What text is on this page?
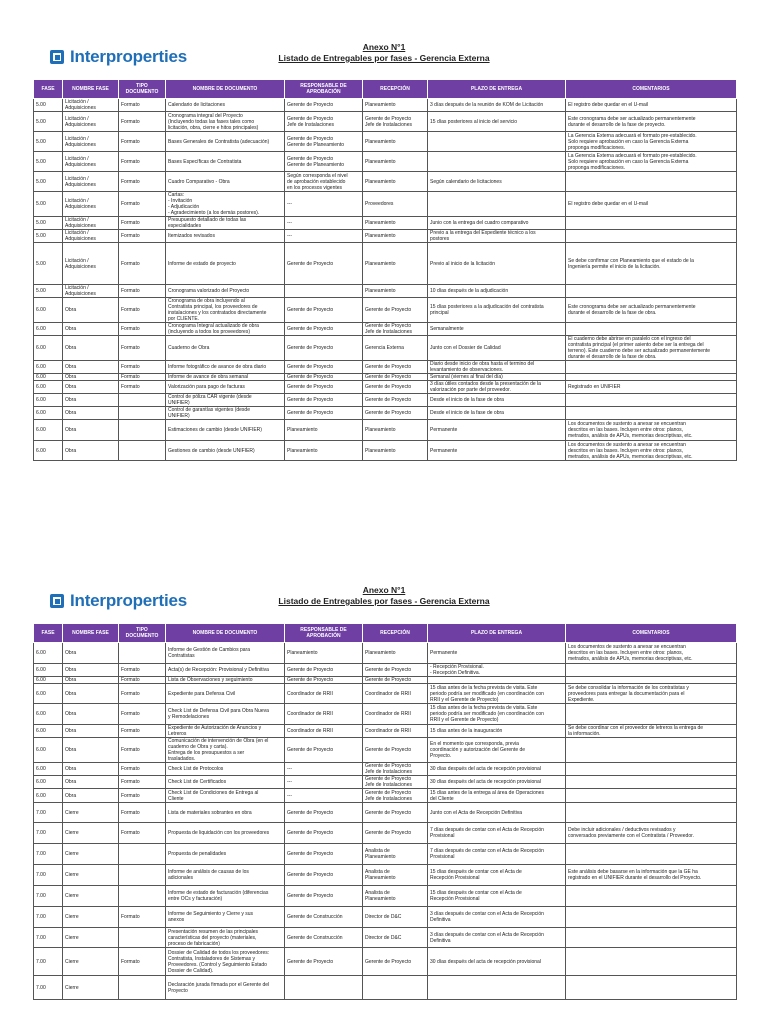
Interproperties	Anexo N°1
Listado de Entregables por fases - Gerencia Externa
FASE	NOMBRE FASE	TIPO DOCUMENTO	NOMBRE DE DOCUMENTO	RESPONSABLE DE APROBACIÓN	RECEPCIÓN	PLAZO DE ENTREGA	COMENTARIOS

5.00	Licitación /
Adquisiciones	Formato	Calendario de licitaciones	Gerente de Proyecto	Planeamiento	3 días después de la reunión de KOM de Licitación	El registro debe quedar en el U-mail

5.00	Licitación /
Adquisiciones	Formato	Cronograma integral del Proyecto
(Incluyendo todas las fases tales como
licitación, obra, cierre e hitos principales)	Gerente de Proyecto
Jefe de Instalaciones	Gerente de Proyecto
Jefe de Instalaciones	15 días posteriores al inicio del servicio	Este cronograma debe ser actualizado permanentemente
durante el desarrollo de la fase de proyecto.

5.00	Licitación /
Adquisiciones	Formato	Bases Generales de Contratista (adecuación)	Gerente de Proyecto
Gerente de Planeamiento	Planeamiento		La Gerencia Externa adecuará el formato pre-establecido.
Solo requiere aprobación en caso la Gerencia Externa
proponga modificaciones.

5.00	Licitación /
Adquisiciones	Formato	Bases Específicas de Contratista	Gerente de Proyecto
Gerente de Planeamiento	Planeamiento		La Gerencia Externa adecuará el formato pre-establecido.
Solo requiere aprobación en caso la Gerencia Externa
proponga modificaciones.

5.00	Licitación /
Adquisiciones	Formato	Cuadro Comparativo - Obra	Según corresponda el nivel
de aprobación establecido
en los procesos vigentes	Planeamiento	Según calendario de licitaciones	

5.00	Licitación /
Adquisiciones	Formato	Cartas:
- Invitación
- Adjudicación
- Agradecimiento (a los demás postores).	---	Proveedores		El registro debe quedar en el U-mail

5.00	Licitación /
Adquisiciones	Formato	Presupuesto detallado de todas las
especialidades	---	Planeamiento	Junio con la entrega del cuadro comparativo	

5.00	Licitación /
Adquisiciones	Formato	Itemizados revisados	---	Planeamiento	Previo a la entrega del Expediente técnico a los
postores	

5.00	Licitación /
Adquisiciones	Formato	Informe de estado de proyecto	Gerente de Proyecto	Planeamiento	Previo al inicio de la licitación	Se debe confirmar con Planeamiento que el estado de la
Ingeniería permite el inicio de la licitación.

5.00	Licitación /
Adquisiciones	Formato	Cronograma valorizado del Proyecto		Planeamiento	10 días después de la adjudicación	

6.00	Obra	Formato	Cronograma de obra incluyendo al
Contratista principal, los proveedores de
instalaciones y los contratados directamente
por CLIENTE.	Gerente de Proyecto	Gerente de Proyecto	15 días posteriores a la adjudicación del contratista
principal	Este cronograma debe ser actualizado permanentemente
durante el desarrollo de la fase de obra.

6.00	Obra	Formato	Cronograma Integral actualizado de obra
(incluyendo a todos los proveedores)	Gerente de Proyecto	Gerente de Proyecto
Jefe de Instalaciones	Semanalmente	

6.00	Obra	Formato	Cuaderno de Obra	Gerente de Proyecto	Gerencia Externa	Junto con el Dossier de Calidad	El cuaderno debe abrirse en paralelo con el ingreso del
contratista principal (el primer asiento debe ser la entrega del
terreno). Este cuaderno debe ser actualizado permanentemente
durante el desarrollo de la fase de obra.

6.00	Obra	Formato	Informe fotográfico de avance de obra diario	Gerente de Proyecto	Gerente de Proyecto	Diario desde inicio de obra hasta el termino del
levantamiento de observaciones.	

6.00	Obra	Formato	Informe de avance de obra semanal	Gerente de Proyecto	Gerente de Proyecto	Semanal (viernes al final del día)	

6.00	Obra	Formato	Valorización para pago de facturas	Gerente de Proyecto	Gerente de Proyecto	3 días útiles contados desde la presentación de la
valorización por parte del proveedor.	Registrado en UNIFIER

6.00	Obra		Control de póliza CAR vigente (desde
UNIFIER)	Gerente de Proyecto	Gerente de Proyecto	Desde el inicio de la fase de obra	

6.00	Obra		Control de garantías vigentes (desde
UNIFIER)	Gerente de Proyecto	Gerente de Proyecto	Desde el inicio de la fase de obra	

6.00	Obra		Estimaciones de cambio (desde UNIFIER)	Planeamiento	Planeamiento	Permanente	Los documentos de sustento a anexar se encuentran
descritos en las bases. Incluyen entre otros: planos,
metrados, análisis de APUs, memorias descriptivas, etc.

6.00	Obra		Gestiones de cambio (desde UNIFIER)	Planeamiento	Planeamiento	Permanente	Los documentos de sustento a anexar se encuentran
descritos en las bases. Incluyen entre otros: planos,
metrados, análisis de APUs, memorias descriptivas, etc.
Interproperties
Anexo N°1
Listado de Entregables por fases - Gerencia Externa
FASE	NOMBRE FASE	TIPO DOCUMENTO	NOMBRE DE DOCUMENTO	RESPONSABLE DE APROBACIÓN	RECEPCIÓN	PLAZO DE ENTREGA	COMENTARIOS

6.00	Obra		Informe de Gestión de Cambios para
Contratistas	Planeamiento	Planeamiento	Permanente	Los documentos de sustento a anexar se encuentran
descritos en las bases. Incluyen entre otros: planos,
metrados, análisis de APUs, memorias descriptivas, etc.

6.00	Obra	Formato	Acta(s) de Recepción: Provisional y Definitiva	Gerente de Proyecto	Gerente de Proyecto	- Recepción Provisional.
- Recepción Definitiva.	

6.00	Obra	Formato	Lista de Observaciones y seguimiento	Gerente de Proyecto	Gerente de Proyecto		

6.00	Obra	Formato	Expediente para Defensa Civil	Coordinador de RRII	Coordinador de RRII	15 días antes de la fecha prevista de visita. Este
periodo podría ser modificado (en coordinación con
RRII y el Gerente de Proyecto)	Se debe consolidar la información de los contratistas y
proveedores para entregar la documentación para el
Expediente.

6.00	Obra	Formato	Check List de Defensa Civil para Obra Nueva
y Remodelaciones	Coordinador de RRII	Coordinador de RRII	15 días antes de la fecha prevista de visita. Este
periodo podría ser modificado (en coordinación con
RRII y el Gerente de Proyecto)	

6.00	Obra	Formato	Expediente de Autorización de Anuncios y
Letreros	Coordinador de RRII	Coordinador de RRII	15 días antes de la inauguración	Se debe coordinar con el proveedor de letreros la entrega de
la información.

6.00	Obra	Formato	Comunicación de intervención de Obra (en el
cuaderno de Obra y carta).
Entrega de los presupuestos a ser
trasladados.	Gerente de Proyecto	Gerente de Proyecto	En el momento que corresponda, previa
coordinación y autorización del Gerente de
Proyecto.	

6.00	Obra	Formato	Check List de Protocolos	---	Gerente de Proyecto
Jefe de Instalaciones	30 días después del acta de recepción provisional	

6.00	Obra	Formato	Check List de Certificados	---	Gerente de Proyecto
Jefe de Instalaciones	30 días después del acta de recepción provisional	

6.00	Obra	Formato	Check List de Condiciones de Entrega al
Cliente	---	Gerente de Proyecto
Jefe de Instalaciones	15 días antes de la entrega al área de Operaciones
del Cliente	

7.00	Cierre	Formato	Lista de materiales sobrantes en obra	Gerente de Proyecto	Gerente de Proyecto	Junto con el Acta de Recepción Definitiva	

7.00	Cierre	Formato	Propuesta de liquidación con los proveedores	Gerente de Proyecto	Gerente de Proyecto	7 días después de contar con el Acta de Recepción
Provisional	Debe incluir adicionales / deductivos revisados y
conversados previamente con el Contratista / Proveedor.

7.00	Cierre		Propuesta de penalidades	Gerente de Proyecto	Analista de
Planeamiento	7 días después de contar con el Acta de Recepción
Provisional	

7.00	Cierre		Informe de análisis de causas de los
adicionales	Gerente de Proyecto	Analista de
Planeamiento	15 días después de contar con el Acta de
Recepción Provisional	Este análisis debe basarse en la información que la GE ha
registrado en el UNIFIER durante el desarrollo del Proyecto.

7.00	Cierre		Informe de estado de facturación (diferencias
entre OCs y facturación)	Gerente de Proyecto	Analista de
Planeamiento	15 días después de contar con el Acta de
Recepción Provisional	

7.00	Cierre	Formato	Informe de Seguimiento y Cierre y sus
anexos	Gerente de Construcción	Director de D&C	3 días después de contar con el Acta de Recepción
Definitiva	

7.00	Cierre		Presentación resumen de las principales
características del proyecto (materiales,
proceso de fabricación)	Gerente de Construcción	Director de D&C	3 días después de contar con el Acta de Recepción
Definitiva	

7.00	Cierre	Formato	Dossier de Calidad de todos los proveedores:
Contratista, Instaladores de Sistemas y
Proveedores. (Control y Seguimiento Estado
Dossier de Calidad).	Gerente de Proyecto	Gerente de Proyecto	30 días después del acta de recepción provisional	

7.00	Cierre		Declaración jurada firmada por el Gerente del
Proyecto				
